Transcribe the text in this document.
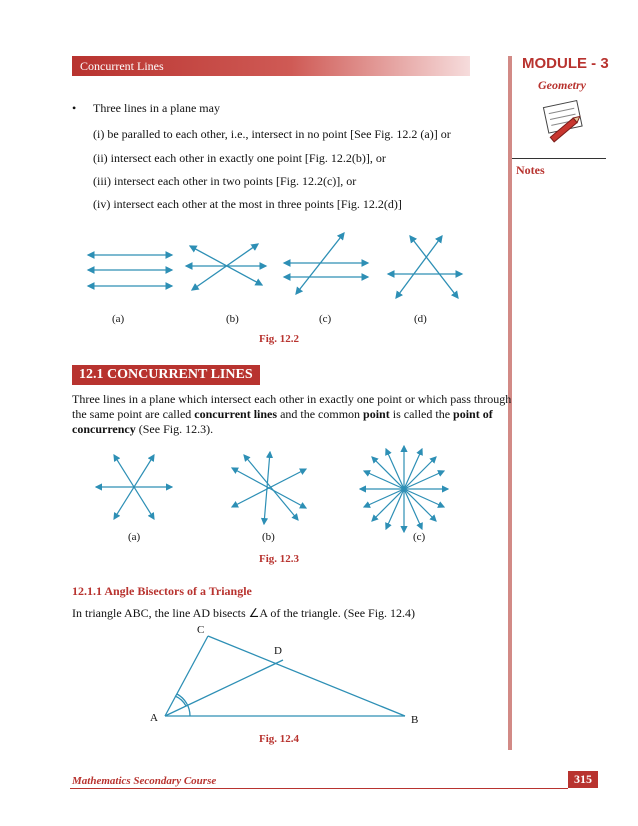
Concurrent Lines	MODULE - 3
Geometry
Notes
• Three lines in a plane may
(i) be paralled to each other, i.e., intersect in no point [See Fig. 12.2 (a)] or
(ii) intersect each other in exactly one point [Fig. 12.2(b)], or
(iii) intersect each other in two points [Fig. 12.2(c)], or
(iv) intersect each other at the most in three points [Fig. 12.2(d)]
(a)	(b)	(c)	(d)
Fig. 12.2
12.1 CONCURRENT LINES
Three lines in a plane which intersect each other in exactly one point or which pass through
the same point are called concurrent lines and the common point is called the point of
concurrency (See Fig. 12.3).
(a)	(b)	(c)
Fig. 12.3
12.1.1 Angle Bisectors of a Triangle
In triangle ABC, the line AD bisects ∠A of the triangle. (See Fig. 12.4)
C
D
A	B
Fig. 12.4
Mathematics Secondary Course	315
